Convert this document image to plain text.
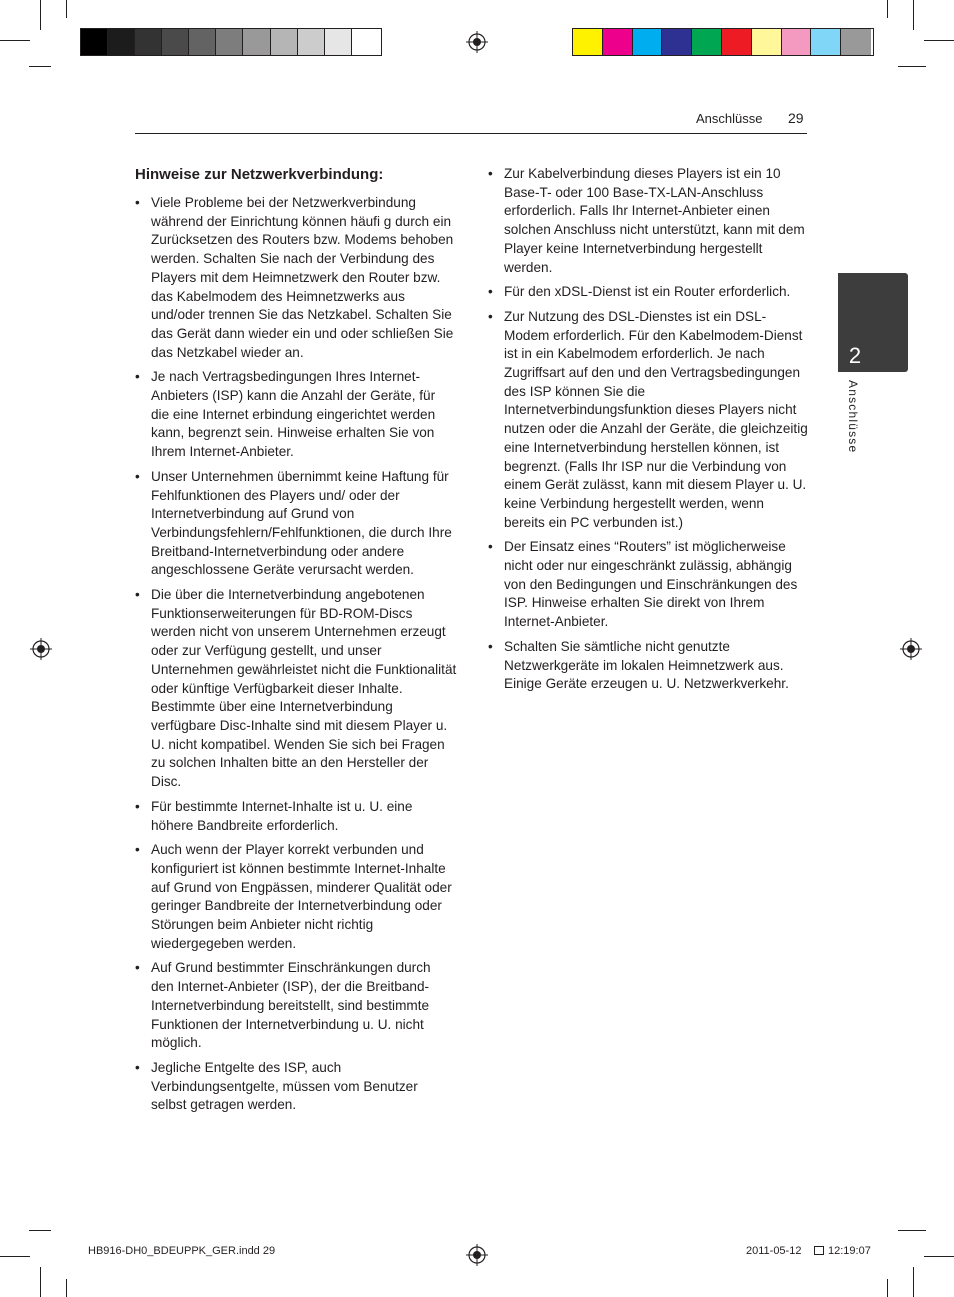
Anschlüsse 29
2
Anschlüsse
Hinweise zur Netzwerkverbindung:
• Viele Probleme bei der Netzwerkverbindung während der Einrichtung können häufi g durch ein Zurücksetzen des Routers bzw. Modems behoben werden. Schalten Sie nach der Verbindung des Players mit dem Heimnetzwerk den Router bzw. das Kabelmodem des Heimnetzwerks aus und/oder trennen Sie das Netzkabel. Schalten Sie das Gerät dann wieder ein und oder schließen Sie das Netzkabel wieder an.
• Je nach Vertragsbedingungen Ihres Internet-Anbieters (ISP) kann die Anzahl der Geräte, für die eine Internet erbindung eingerichtet werden kann, begrenzt sein. Hinweise erhalten Sie von Ihrem Internet-Anbieter.
• Unser Unternehmen übernimmt keine Haftung für Fehlfunktionen des Players und/ oder der Internetverbindung auf Grund von Verbindungsfehlern/Fehlfunktionen, die durch Ihre Breitband-Internetverbindung oder andere angeschlossene Geräte verursacht werden.
• Die über die Internetverbindung angebotenen Funktionserweiterungen für BD-ROM-Discs werden nicht von unserem Unternehmen erzeugt oder zur Verfügung gestellt, und unser Unternehmen gewährleistet nicht die Funktionalität oder künftige Verfügbarkeit dieser Inhalte. Bestimmte über eine Internetverbindung verfügbare Disc-Inhalte sind mit diesem Player u. U. nicht kompatibel. Wenden Sie sich bei Fragen zu solchen Inhalten bitte an den Hersteller der Disc.
• Für bestimmte Internet-Inhalte ist u. U. eine höhere Bandbreite erforderlich.
• Auch wenn der Player korrekt verbunden und konfiguriert ist können bestimmte Internet-Inhalte auf Grund von Engpässen, minderer Qualität oder geringer Bandbreite der Internetverbindung oder Störungen beim Anbieter nicht richtig wiedergegeben werden.
• Auf Grund bestimmter Einschränkungen durch den Internet-Anbieter (ISP), der die Breitband-Internetverbindung bereitstellt, sind bestimmte Funktionen der Internetverbindung u. U. nicht möglich.
• Jegliche Entgelte des ISP, auch Verbindungsentgelte, müssen vom Benutzer selbst getragen werden.
• Zur Kabelverbindung dieses Players ist ein 10 Base-T- oder 100 Base-TX-LAN-Anschluss erforderlich. Falls Ihr Internet-Anbieter einen solchen Anschluss nicht unterstützt, kann mit dem Player keine Internetverbindung hergestellt werden.
• Für den xDSL-Dienst ist ein Router erforderlich.
• Zur Nutzung des DSL-Dienstes ist ein DSL-Modem erforderlich. Für den Kabelmodem-Dienst ist in ein Kabelmodem erforderlich. Je nach Zugriffsart auf den und den Vertragsbedingungen des ISP können Sie die Internetverbindungsfunktion dieses Players nicht nutzen oder die Anzahl der Geräte, die gleichzeitig eine Internetverbindung herstellen können, ist begrenzt. (Falls Ihr ISP nur die Verbindung von einem Gerät zulässt, kann mit diesem Player u. U. keine Verbindung hergestellt werden, wenn bereits ein PC verbunden ist.)
• Der Einsatz eines “Routers” ist möglicherweise nicht oder nur eingeschränkt zulässig, abhängig von den Bedingungen und Einschränkungen des ISP. Hinweise erhalten Sie direkt von Ihrem Internet-Anbieter.
• Schalten Sie sämtliche nicht genutzte Netzwerkgeräte im lokalen Heimnetzwerk aus. Einige Geräte erzeugen u. U. Netzwerkverkehr.
HB916-DH0_BDEUPPK_GER.indd 29	2011-05-12 12:19:07
